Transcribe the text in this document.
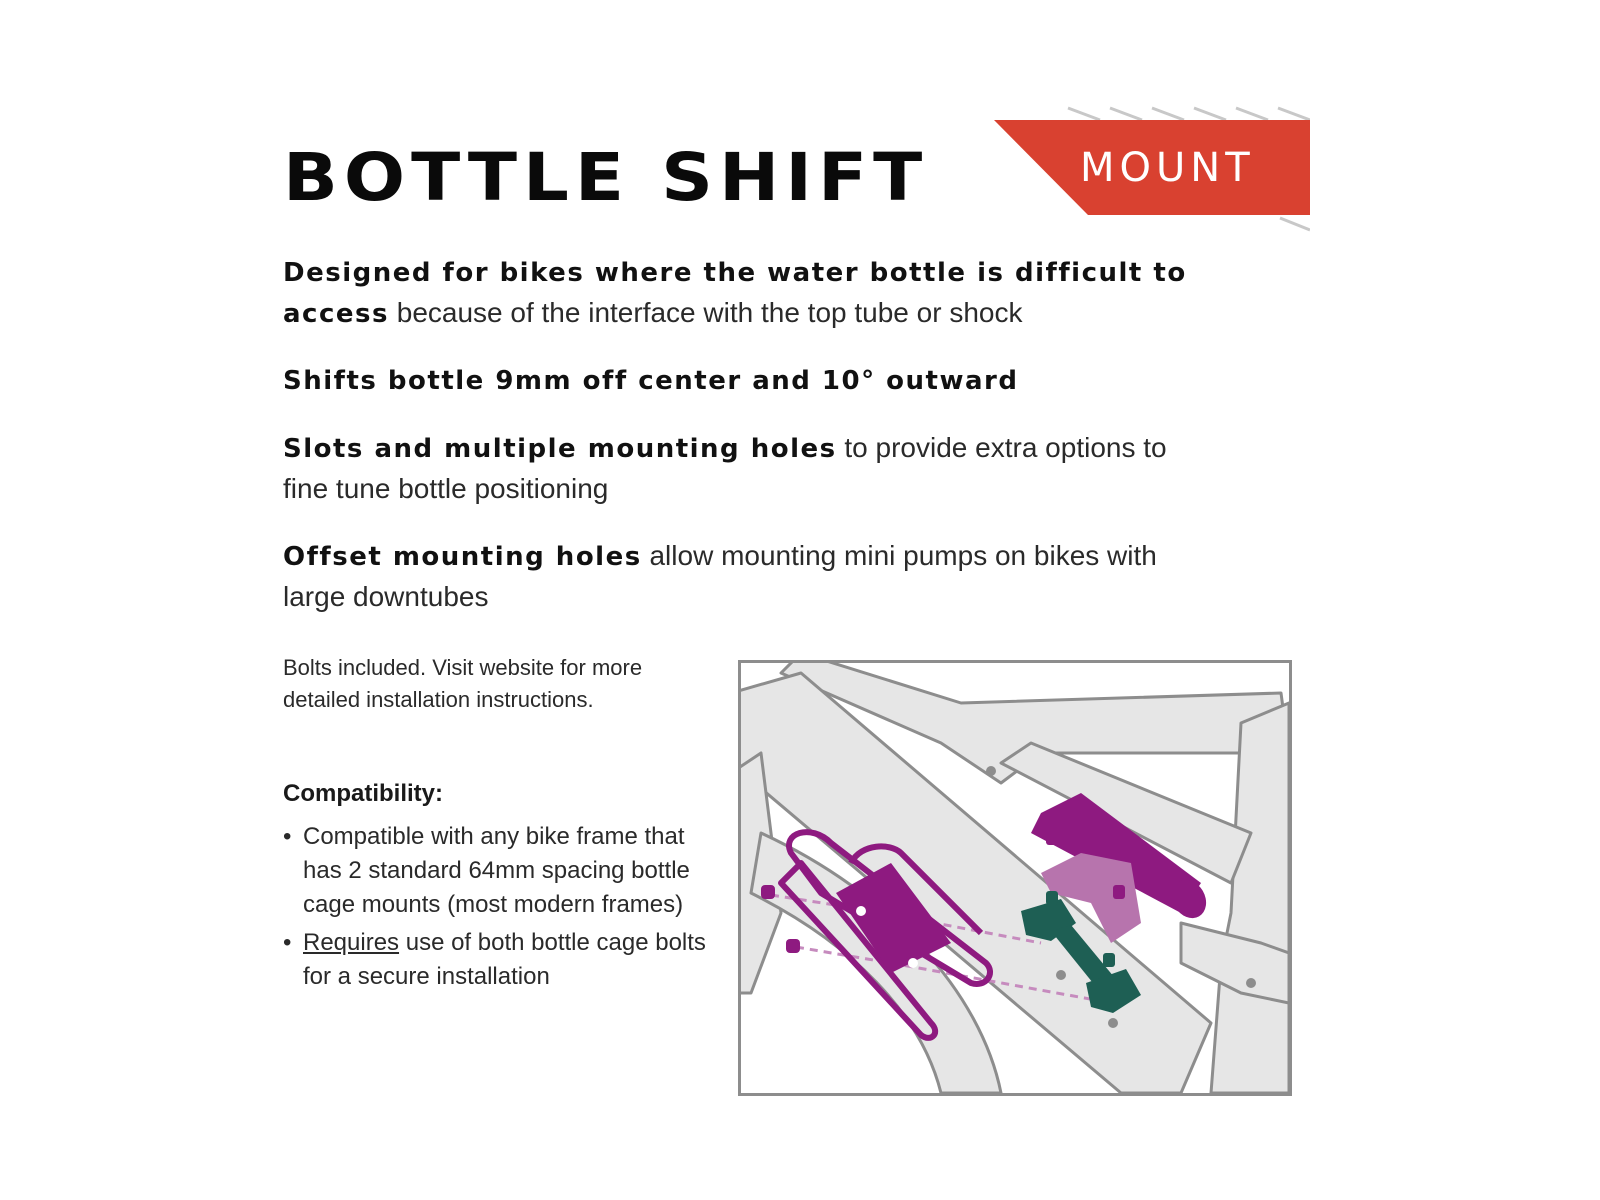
BOTTLE SHIFT	MOUNT
Designed for bikes where the water bottle is difficult to access because of the interface with the top tube or shock
Shifts bottle 9mm off center and 10° outward
Slots and multiple mounting holes to provide extra options to fine tune bottle positioning
Offset mounting holes allow mounting mini pumps on bikes with large downtubes
Bolts included. Visit website for more detailed installation instructions.
Compatibility:
• Compatible with any bike frame that has 2 standard 64mm spacing bottle cage mounts (most modern frames)
• Requires use of both bottle cage bolts for a secure installation
